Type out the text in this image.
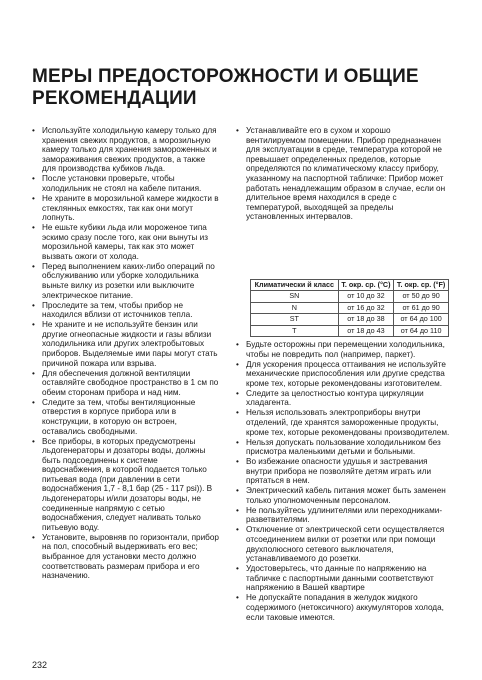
МЕРЫ ПРЕДОСТОРОЖНОСТИ И ОБЩИЕ
РЕКОМЕНДАЦИИ
• Используйте холодильную камеру только для хранения свежих продуктов, а морозильную камеру только для хранения замороженных и замораживания свежих продуктов, а также для производства кубиков льда.
• После установки проверьте, чтобы холодильник не стоял на кабеле питания.
• Не храните в морозильной камере жидкости в стеклянных емкостях, так как они могут лопнуть.
• Не ешьте кубики льда или мороженое типа эскимо сразу после того, как они вынуты из морозильной камеры, так как это может вызвать ожоги от холода.
• Перед выполнением каких-либо операций по обслуживанию или уборке холодильника выньте вилку из розетки или выключите электрическое питание.
• Проследите за тем, чтобы прибор не находился вблизи от источников тепла.
• Не храните и не используйте бензин или другие огнеопасные жидкости и газы вблизи холодильника или других электробытовых приборов. Выделяемые ими пары могут стать причиной пожара или взрыва.
• Для обеспечения должной вентиляции оставляйте свободное пространство в 1 см по обеим сторонам прибора и над ним.
• Следите за тем, чтобы вентиляционные отверстия в корпусе прибора или в конструкции, в которую он встроен, оставались свободными.
• Все приборы, в которых предусмотрены льдогенераторы и дозаторы воды, должны быть подсоединены к системе водоснабжения, в которой подается только питьевая вода (при давлении в сети водоснабжения 1,7 - 8,1 бар (25 - 117 psi)). В льдогенераторы и/или дозаторы воды, не соединенные напрямую с сетью водоснабжения, следует наливать только питьевую воду.
• Установите, выровняв по горизонтали, прибор на пол, способный выдерживать его вес; выбранное для установки место должно соответствовать размерам прибора и его назначению.
• Устанавливайте его в сухом и хорошо вентилируемом помещении. Прибор предназначен для эксплуатации в среде, температура которой не превышает определенных пределов, которые определяются по климатическому классу прибору, указанному на паспортной табличке: Прибор может работать ненадлежащим образом в случае, если он длительное время находился в среде с температурой, выходящей за пределы установленных интервалов.
Климатически й класс	Т. окр. ср. (°C)	Т. окр. ср. (°F)
SN	от 10 до 32	от 50 до 90
N	от 16 до 32	от 61 до 90
ST	от 18 до 38	от 64 до 100
T	от 18 до 43	от 64 до 110
• Будьте осторожны при перемещении холодильника, чтобы не повредить пол (например, паркет).
• Для ускорения процесса оттаивания не используйте механические приспособления или другие средства кроме тех, которые рекомендованы изготовителем.
• Следите за целостностью контура циркуляции хладагента.
• Нельзя использовать электроприборы внутри отделений, где хранятся замороженные продукты, кроме тех, которые рекомендованы производителем.
• Нельзя допускать пользование холодильником без присмотра маленькими детьми и больными.
• Во избежание опасности удушья и застревания внутри прибора не позволяйте детям играть или прятаться в нем.
• Электрический кабель питания может быть заменен только уполномоченным персоналом.
• Не пользуйтесь удлинителями или переходниками-разветвителями.
• Отключение от электрической сети осуществляется отсоединением вилки от розетки или при помощи двухполюсного сетевого выключателя, устанавливаемого до розетки.
• Удостоверьтесь, что данные по напряжению на табличке с паспортными данными соответствуют напряжению в Вашей квартире
• Не допускайте попадания в желудок жидкого содержимого (нетоксичного) аккумуляторов холода, если таковые имеются.
232
